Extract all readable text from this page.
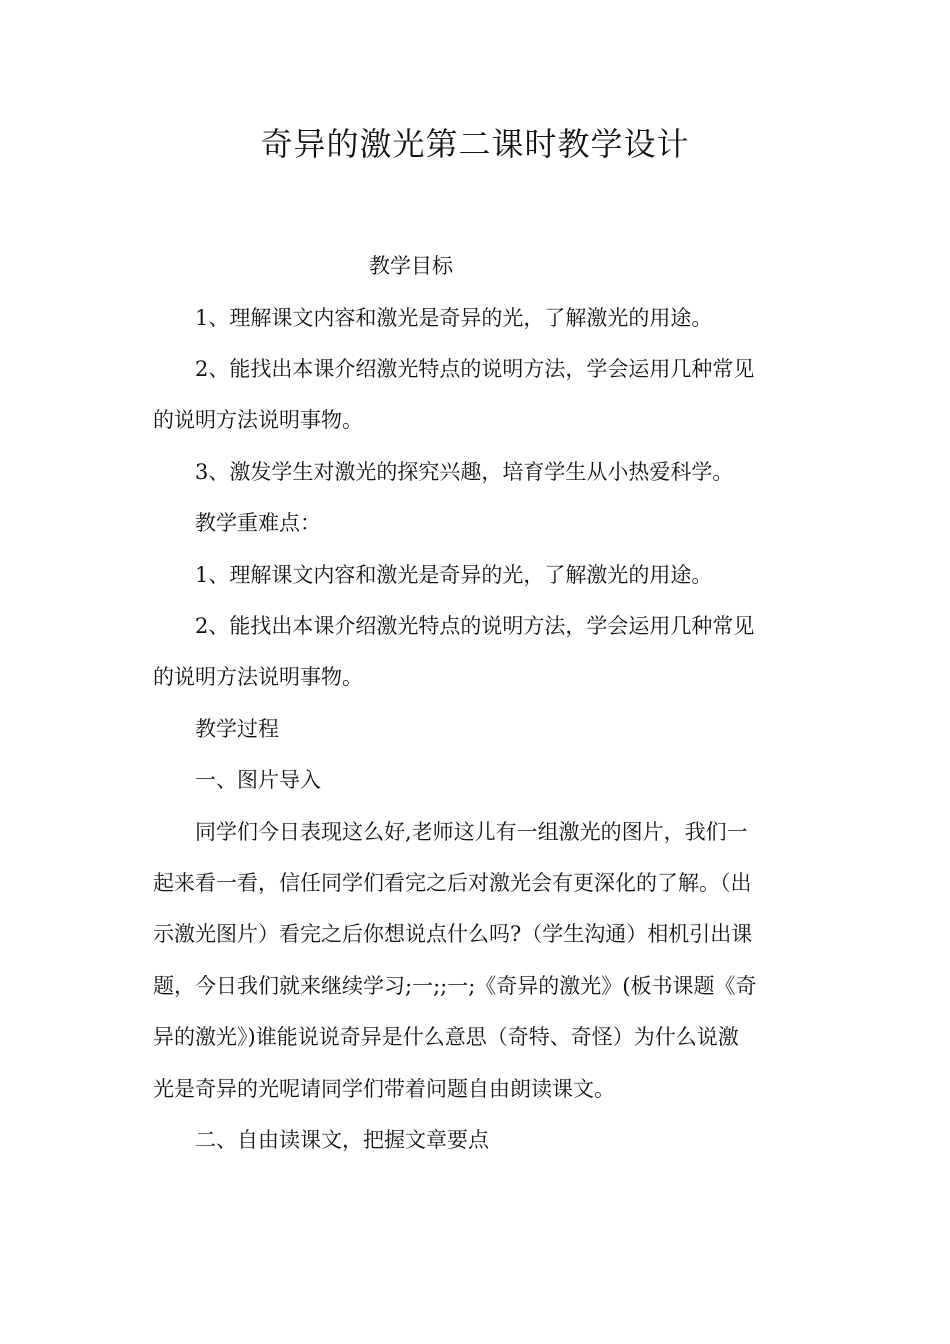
奇异的激光第二课时教学设计
教学目标
1、理解课文内容和激光是奇异的光，了解激光的用途。
2、能找出本课介绍激光特点的说明方法，学会运用几种常见
的说明方法说明事物。
3、激发学生对激光的探究兴趣，培育学生从小热爱科学。
教学重难点：
1、理解课文内容和激光是奇异的光，了解激光的用途。
2、能找出本课介绍激光特点的说明方法，学会运用几种常见
的说明方法说明事物。
教学过程
一、图片导入
同学们今日表现这么好,老师这儿有一组激光的图片，我们一
起来看一看，信任同学们看完之后对激光会有更深化的了解。（出
示激光图片）看完之后你想说点什么吗?（学生沟通）相机引出课
题，今日我们就来继续学习;一;;一;《奇异的激光》(板书课题《奇
异的激光》)谁能说说奇异是什么意思（奇特、奇怪）为什么说激
光是奇异的光呢请同学们带着问题自由朗读课文。
二、自由读课文，把握文章要点
